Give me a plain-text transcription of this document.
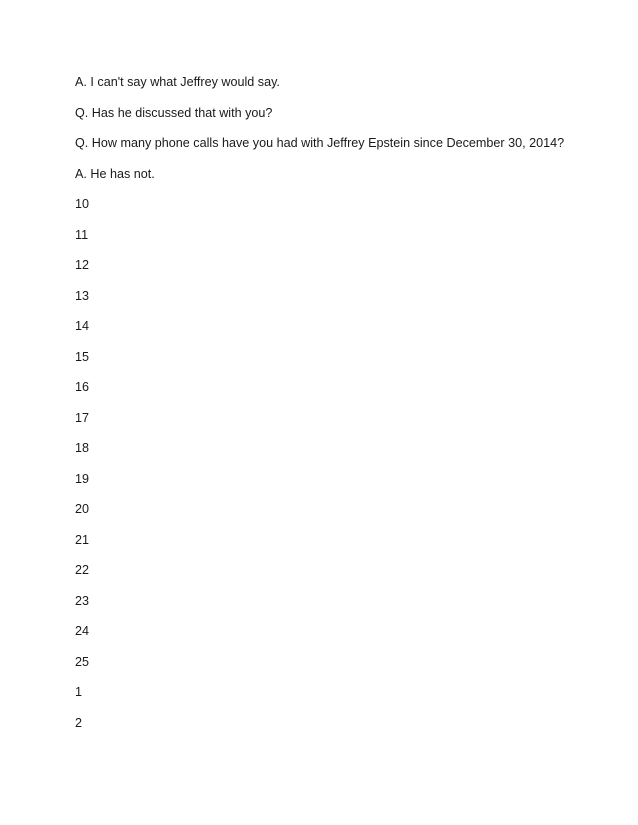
A. I can't say what Jeffrey would say.
Q. Has he discussed that with you?
Q. How many phone calls have you had with Jeffrey Epstein since December 30, 2014?
A. He has not.
10
11
12
13
14
15
16
17
18
19
20
21
22
23
24
25
1
2
